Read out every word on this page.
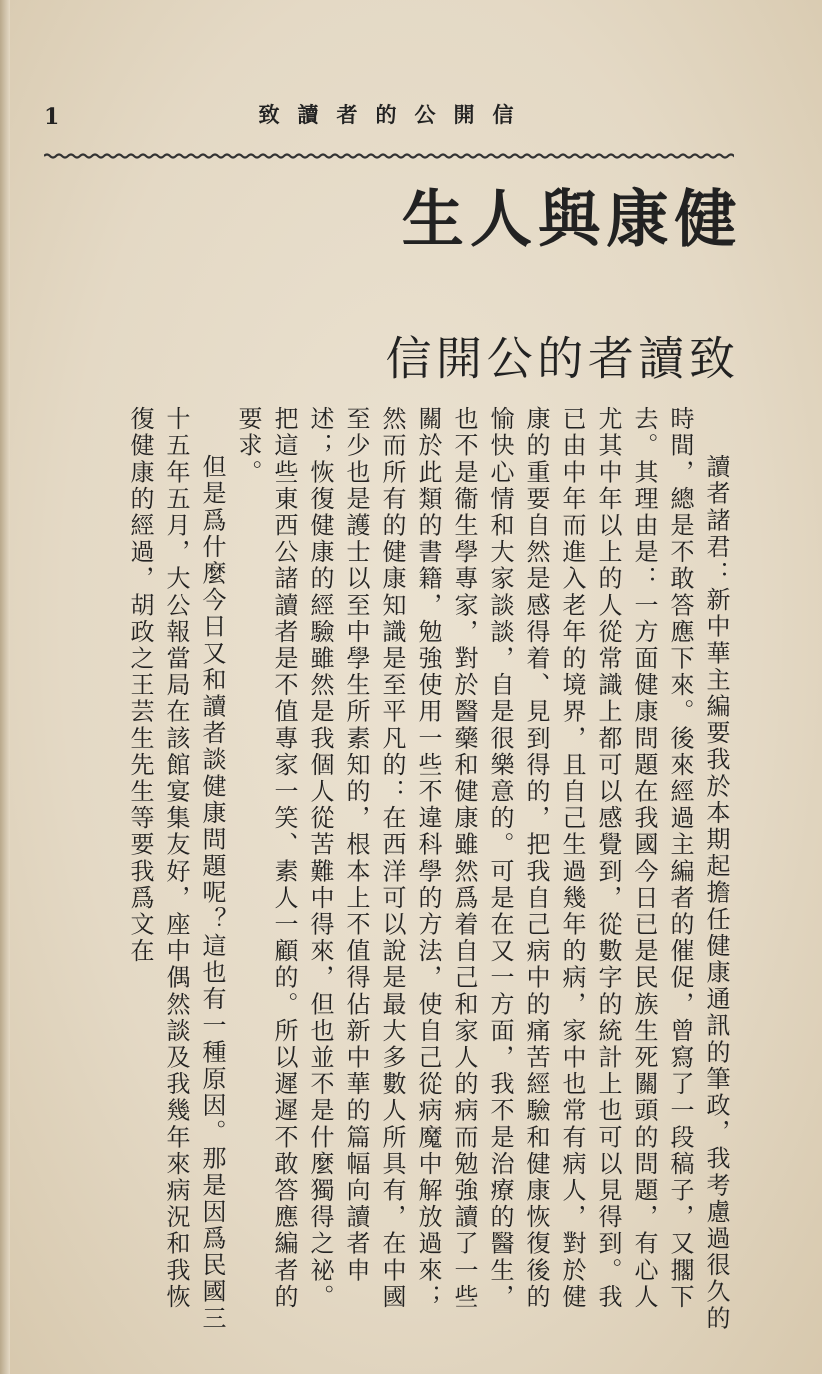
1	致讀者的公開信
健康與人生
致讀者的公開信

讀者諸君：新中華主編要我於本期起擔任健康通訊的筆政，我考慮過很久的時間，總是不敢答應下來。後來經過主編者的催促，曾寫了一段稿子，又擱下去。其理由是：一方面健康問題在我國今日已是民族生死關頭的問題，有心人尤其中年以上的人從常識上都可以感覺到，從數字的統計上也可以見得到。我已由中年而進入老年的境界，且自己生過幾年的病，家中也常有病人，對於健康的重要自然是感得着、見到得的，把我自己病中的痛苦經驗和健康恢復後的愉快心情和大家談談，自是很樂意的。可是在又一方面，我不是治療的醫生，也不是衞生學專家，對於醫藥和健康雖然爲着自己和家人的病而勉強讀了一些關於此類的書籍，勉強使用一些不違科學的方法，使自己從病魔中解放過來；然而所有的健康知識是至平凡的：在西洋可以說是最大多數人所具有，在中國至少也是護士以至中學生所素知的，根本上不值得佔新中華的篇幅向讀者申述；恢復健康的經驗雖然是我個人從苦難中得來，但也並不是什麼獨得之祕。把這些東西公諸讀者是不值專家一笑、素人一顧的。所以遲遲不敢答應編者的要求。

但是爲什麼今日又和讀者談健康問題呢？這也有一種原因。那是因爲民國三十五年五月，大公報當局在該館宴集友好，座中偶然談及我幾年來病況和我恢復健康的經過，胡政之王芸生先生等要我爲文在
